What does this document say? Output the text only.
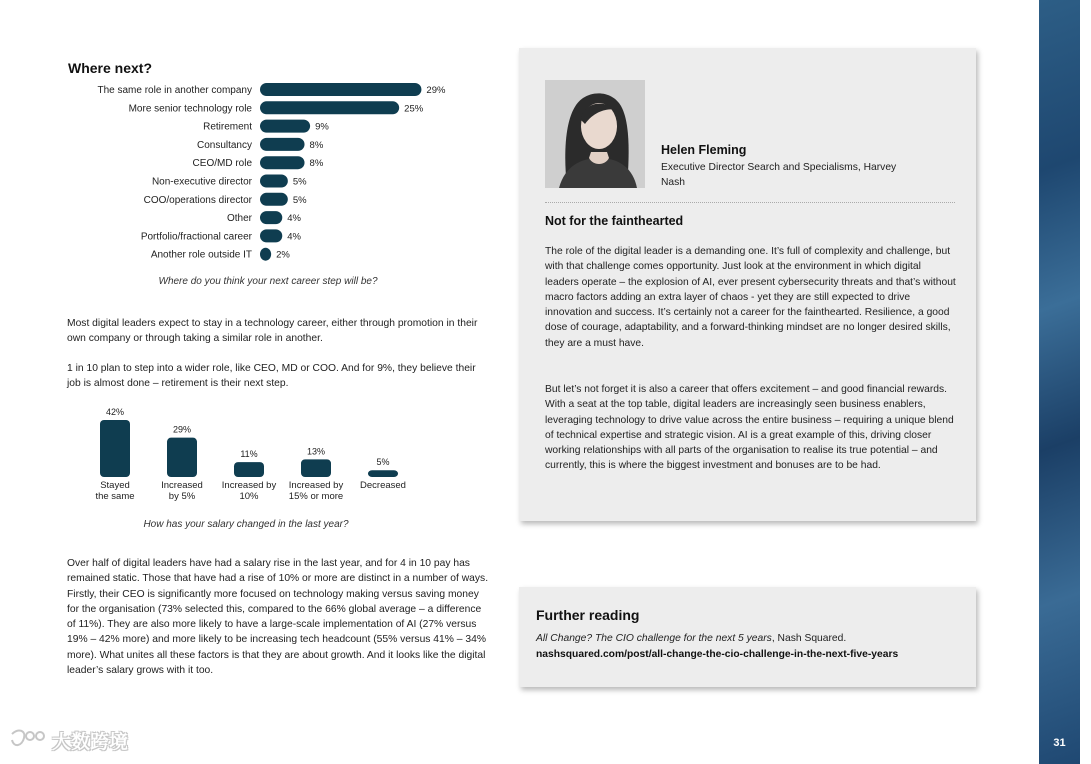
Where next?
The same role in another company	29%
More senior technology role	25%
Retirement	9%
Consultancy	8%
CEO/MD role	8%
Non-executive director	5%
COO/operations director	5%
Other	4%
Portfolio/fractional career	4%
Another role outside IT	2%
Where do you think your next career step will be?
Most digital leaders expect to stay in a technology career, either through promotion in their own company or through taking a similar role in another.
1 in 10 plan to step into a wider role, like CEO, MD or COO. And for 9%, they believe their job is almost done – retirement is their next step.
42%
Stayed
the same
29%
Increased
by 5%
11%
Increased by
10%
13%
Increased by
15% or more
5%
Decreased
How has your salary changed in the last year?
Over half of digital leaders have had a salary rise in the last year, and for 4 in 10 pay has remained static. Those that have had a rise of 10% or more are distinct in a number of ways. Firstly, their CEO is significantly more focused on technology making versus saving money for the organisation (73% selected this, compared to the 66% global average – a difference of 11%). They are also more likely to have a large-scale implementation of AI (27% versus 19% – 42% more) and more likely to be increasing tech headcount (55% versus 41% – 34% more). What unites all these factors is that they are about growth. And it looks like the digital leader’s salary grows with it too.
Helen Fleming
Executive Director Search and Specialisms, Harvey Nash
Not for the fainthearted
The role of the digital leader is a demanding one. It’s full of complexity and challenge, but with that challenge comes opportunity. Just look at the environment in which digital leaders operate – the explosion of AI, ever present cybersecurity threats and that’s without macro factors adding an extra layer of chaos - yet they are still expected to drive innovation and success. It’s certainly not a career for the fainthearted. Resilience, a good dose of courage, adaptability, and a forward-thinking mindset are no longer desired skills, they are a must have.
But let’s not forget it is also a career that offers excitement – and good financial rewards. With a seat at the top table, digital leaders are increasingly seen business enablers, leveraging technology to drive value across the entire business – requiring a unique blend of technical expertise and strategic vision. AI is a great example of this, driving closer working relationships with all parts of the organisation to realise its true potential – and currently, this is where the biggest investment and bonuses are to be had.
Further reading
All Change? The CIO challenge for the next 5 years, Nash Squared.
nashsquared.com/post/all-change-the-cio-challenge-in-the-next-five-years
6. The career of the digital leader
DIGITAL LEADERSHIP REPORT 2025
31
大数跨境
